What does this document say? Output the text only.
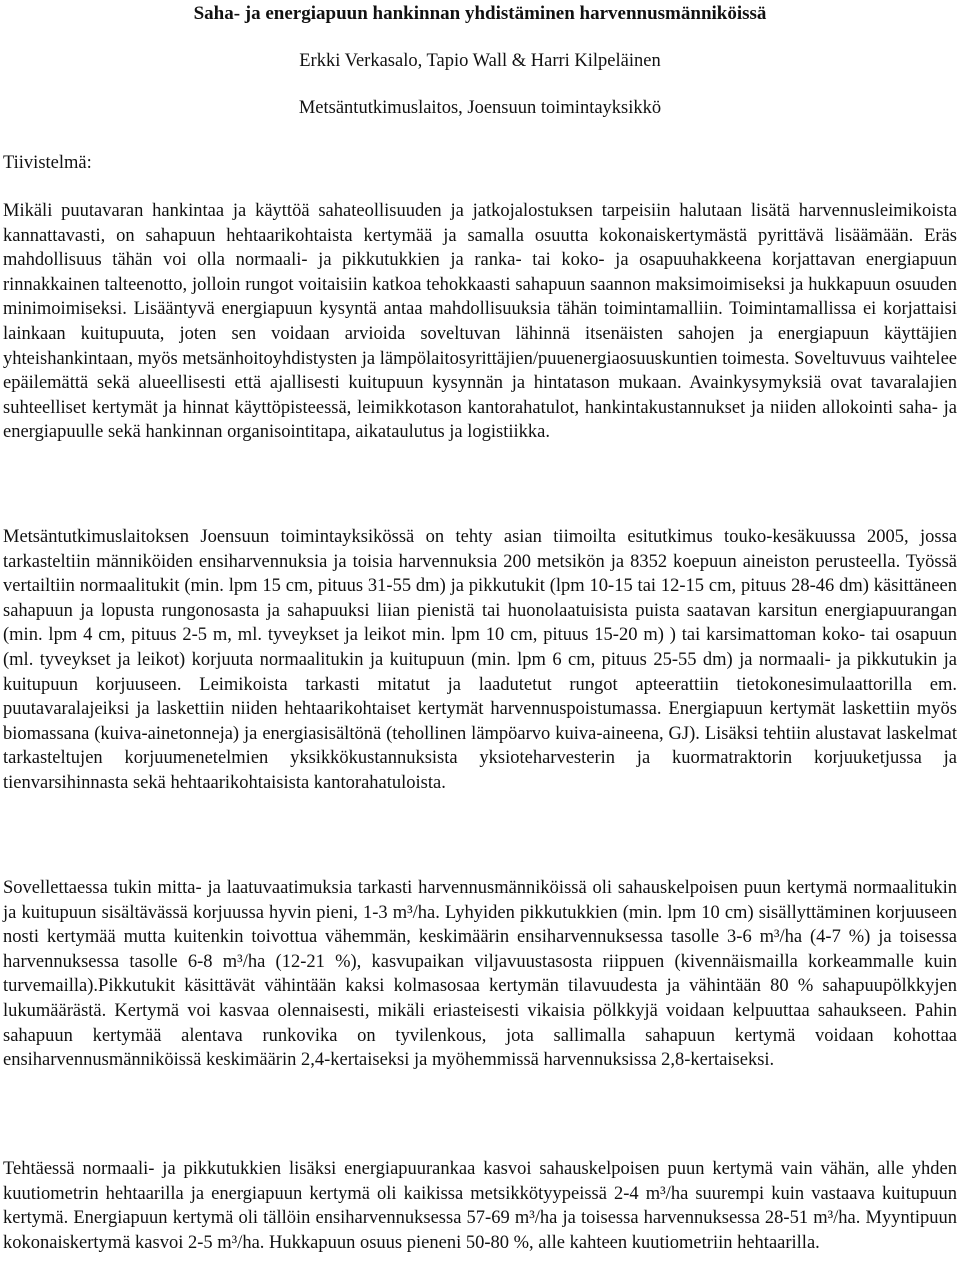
Saha- ja energiapuun hankinnan yhdistäminen harvennusmänniköissä
Erkki Verkasalo, Tapio Wall & Harri Kilpeläinen
Metsäntutkimuslaitos, Joensuun toimintayksikkö
Tiivistelmä:

Mikäli puutavaran hankintaa ja käyttöä sahateollisuuden ja jatkojalostuksen tarpeisiin halutaan lisätä harvennusleimikoista kannattavasti, on sahapuun hehtaarikohtaista kertymää ja samalla osuutta kokonaiskertymästä pyrittävä lisäämään. Eräs mahdollisuus tähän voi olla normaali- ja pikkutukkien ja ranka- tai koko- ja osapuuhakkeena korjattavan energiapuun rinnakkainen talteenotto, jolloin rungot voitaisiin katkoa tehokkaasti sahapuun saannon maksimoimiseksi ja hukkapuun osuuden minimoimiseksi. Lisääntyvä energiapuun kysyntä antaa mahdollisuuksia tähän toimintamalliin. Toimintamallissa ei korjattaisi lainkaan kuitupuuta, joten sen voidaan arvioida soveltuvan lähinnä itsenäisten sahojen ja energiapuun käyttäjien yhteishankintaan, myös metsänhoitoyhdistysten ja lämpölaitosyrittäjien/puuenergiaosuuskuntien toimesta. Soveltuvuus vaihtelee epäilemättä sekä alueellisesti että ajallisesti kuitupuun kysynnän ja hintatason mukaan. Avainkysymyksiä ovat tavaralajien suhteelliset kertymät ja hinnat käyttöpisteessä, leimikkotason kantorahatulot, hankintakustannukset ja niiden allokointi saha- ja energiapuulle sekä hankinnan organisointitapa, aikataulutus ja logistiikka.

Metsäntutkimuslaitoksen Joensuun toimintayksikössä on tehty asian tiimoilta esitutkimus touko-kesäkuussa 2005, jossa tarkasteltiin männiköiden ensiharvennuksia ja toisia harvennuksia 200 metsikön ja 8352 koepuun aineiston perusteella. Työssä vertailtiin normaalitukit (min. lpm 15 cm, pituus 31-55 dm) ja pikkutukit (lpm 10-15 tai 12-15 cm, pituus 28-46 dm) käsittäneen sahapuun ja lopusta rungonosasta ja sahapuuksi liian pienistä tai huonolaatuisista puista saatavan karsitun energiapuurangan (min. lpm 4 cm, pituus 2-5 m, ml. tyveykset ja leikot min. lpm 10 cm, pituus 15-20 m) ) tai karsimattoman koko- tai osapuun (ml. tyveykset ja leikot) korjuuta normaalitukin ja kuitupuun (min. lpm 6 cm, pituus 25-55 dm) ja normaali- ja pikkutukin ja kuitupuun korjuuseen. Leimikoista tarkasti mitatut ja laadutetut rungot apteerattiin tietokonesimulaattorilla em. puutavaralajeiksi ja laskettiin niiden hehtaarikohtaiset kertymät harvennuspoistumassa. Energiapuun kertymät laskettiin myös biomassana (kuiva-ainetonneja) ja energiasisältönä (tehollinen lämpöarvo kuiva-aineena, GJ). Lisäksi tehtiin alustavat laskelmat tarkasteltujen korjuumenetelmien yksikkökustannuksista yksioteharvesterin ja kuormatraktorin korjuuketjussa ja tienvarsihinnasta sekä hehtaarikohtaisista kantorahatuloista.

Sovellettaessa tukin mitta- ja laatuvaatimuksia tarkasti harvennusmänniköissä oli sahauskelpoisen puun kertymä normaalitukin ja kuitupuun sisältävässä korjuussa hyvin pieni, 1-3 m³/ha. Lyhyiden pikkutukkien (min. lpm 10 cm) sisällyttäminen korjuuseen nosti kertymää mutta kuitenkin toivottua vähemmän, keskimäärin ensiharvennuksessa tasolle 3-6 m³/ha (4-7 %) ja toisessa harvennuksessa tasolle 6-8 m³/ha (12-21 %), kasvupaikan viljavuustasosta riippuen (kivennäismailla korkeammalle kuin turvemailla).Pikkutukit käsittävät vähintään kaksi kolmasosaa kertymän tilavuudesta ja vähintään 80 % sahapuupölkkyjen lukumäärästä. Kertymä voi kasvaa olennaisesti, mikäli eriasteisesti vikaisia pölkkyjä voidaan kelpuuttaa sahaukseen. Pahin sahapuun kertymää alentava runkovika on tyvilenkous, jota sallimalla sahapuun kertymä voidaan kohottaa ensiharvennusmänniköissä keskimäärin 2,4-kertaiseksi ja myöhemmissä harvennuksissa 2,8-kertaiseksi.

Tehtäessä normaali- ja pikkutukkien lisäksi energiapuurankaa kasvoi sahauskelpoisen puun kertymä vain vähän, alle yhden kuutiometrin hehtaarilla ja energiapuun kertymä oli kaikissa metsikkötyypeissä 2-4 m³/ha suurempi kuin vastaava kuitupuun kertymä. Energiapuun kertymä oli tällöin ensiharvennuksessa 57-69 m³/ha ja toisessa harvennuksessa 28-51 m³/ha. Myyntipuun kokonaiskertymä kasvoi 2-5 m³/ha. Hukkapuun osuus pieneni 50-80 %, alle kahteen kuutiometriin hehtaarilla.
